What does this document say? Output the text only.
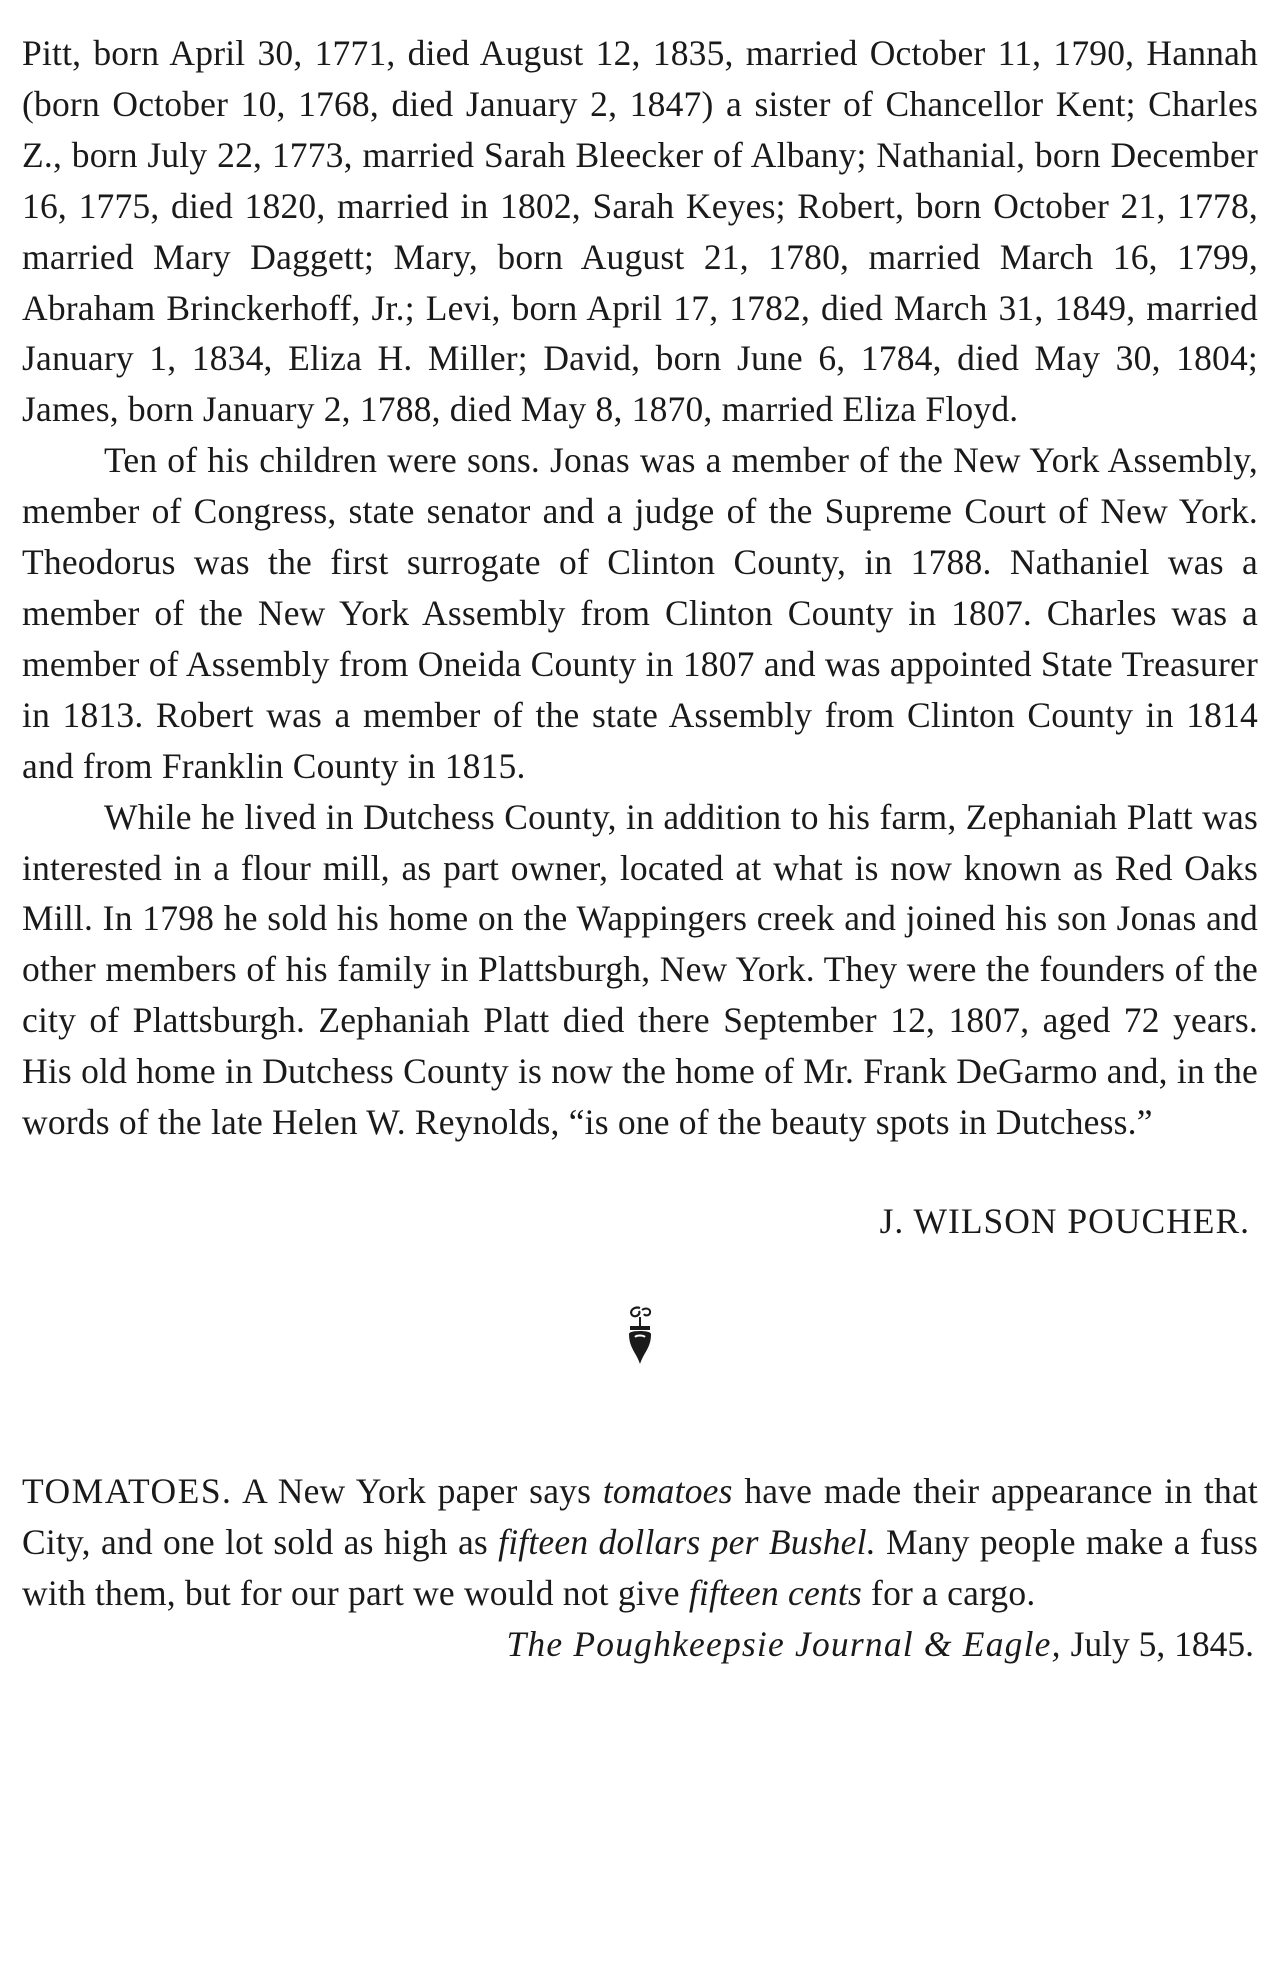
Pitt, born April 30, 1771, died August 12, 1835, married October 11, 1790, Hannah (born October 10, 1768, died January 2, 1847) a sister of Chancellor Kent; Charles Z., born July 22, 1773, married Sarah Bleecker of Albany; Nathanial, born December 16, 1775, died 1820, married in 1802, Sarah Keyes; Robert, born October 21, 1778, married Mary Daggett; Mary, born August 21, 1780, married March 16, 1799, Abraham Brinckerhoff, Jr.; Levi, born April 17, 1782, died March 31, 1849, married January 1, 1834, Eliza H. Miller; David, born June 6, 1784, died May 30, 1804; James, born January 2, 1788, died May 8, 1870, married Eliza Floyd.

Ten of his children were sons. Jonas was a member of the New York Assembly, member of Congress, state senator and a judge of the Supreme Court of New York. Theodorus was the first surrogate of Clinton County, in 1788. Nathaniel was a member of the New York Assembly from Clinton County in 1807. Charles was a member of Assembly from Oneida County in 1807 and was appointed State Treasurer in 1813. Robert was a member of the state Assembly from Clinton County in 1814 and from Franklin County in 1815.

While he lived in Dutchess County, in addition to his farm, Zephaniah Platt was interested in a flour mill, as part owner, located at what is now known as Red Oaks Mill. In 1798 he sold his home on the Wappingers creek and joined his son Jonas and other members of his family in Plattsburgh, New York. They were the founders of the city of Plattsburgh. Zephaniah Platt died there September 12, 1807, aged 72 years. His old home in Dutchess County is now the home of Mr. Frank DeGarmo and, in the words of the late Helen W. Reynolds, “is one of the beauty spots in Dutchess.”

J. WILSON POUCHER.

TOMATOES. A New York paper says tomatoes have made their appearance in that City, and one lot sold as high as fifteen dollars per Bushel. Many people make a fuss with them, but for our part we would not give fifteen cents for a cargo.

The Poughkeepsie Journal & Eagle, July 5, 1845.
